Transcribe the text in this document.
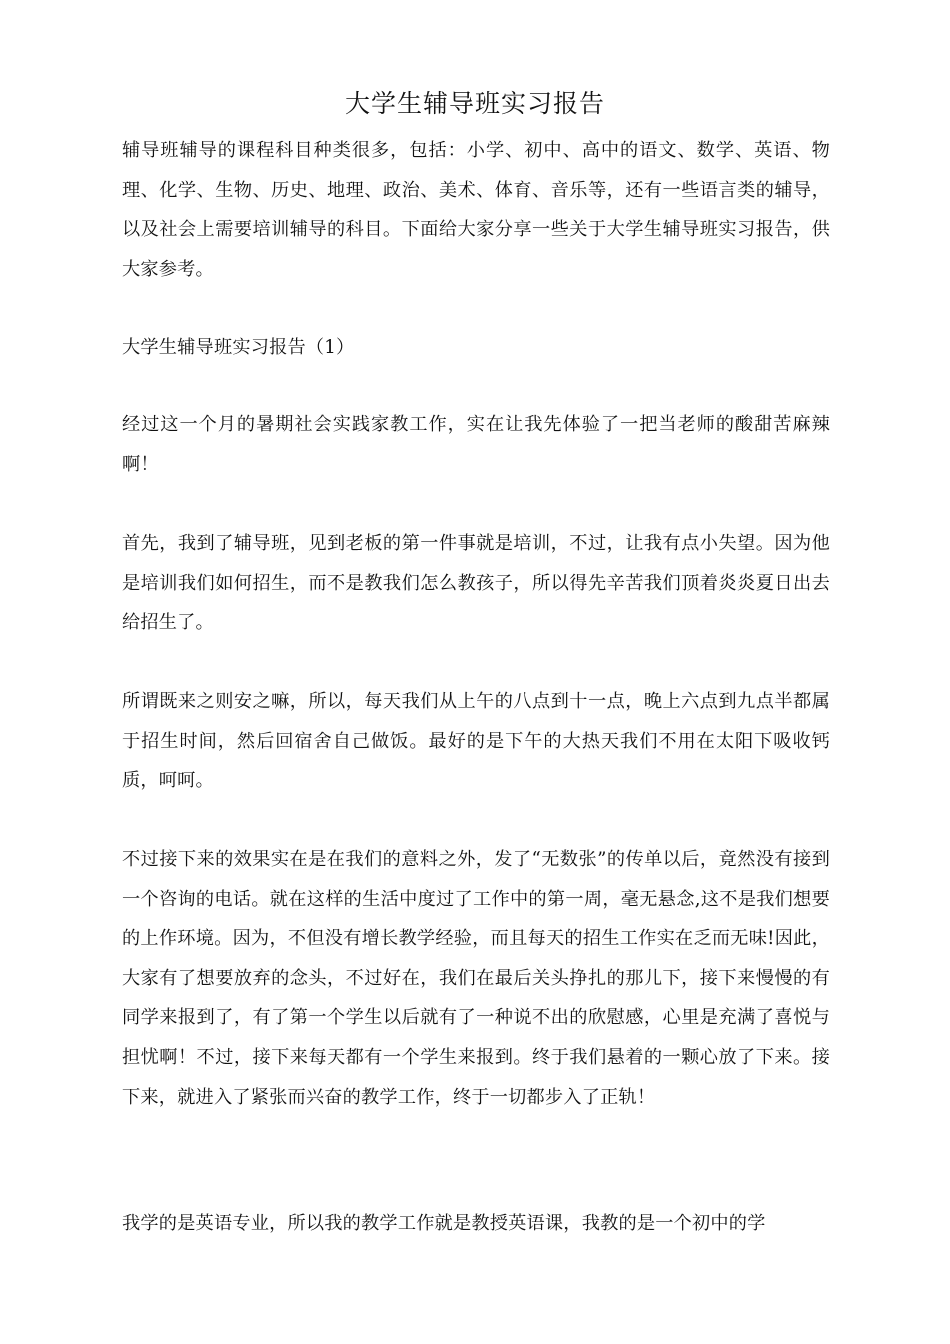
大学生辅导班实习报告

辅导班辅导的课程科目种类很多，包括：小学、初中、高中的语文、数学、英语、物理、化学、生物、历史、地理、政治、美术、体育、音乐等，还有一些语言类的辅导，以及社会上需要培训辅导的科目。下面给大家分享一些关于大学生辅导班实习报告，供大家参考。

大学生辅导班实习报告（1）

经过这一个月的暑期社会实践家教工作，实在让我先体验了一把当老师的酸甜苦麻辣啊！

首先，我到了辅导班，见到老板的第一件事就是培训，不过，让我有点小失望。因为他是培训我们如何招生，而不是教我们怎么教孩子，所以得先辛苦我们顶着炎炎夏日出去给招生了。

所谓既来之则安之嘛，所以，每天我们从上午的八点到十一点，晚上六点到九点半都属于招生时间，然后回宿舍自己做饭。最好的是下午的大热天我们不用在太阳下吸收钙质，呵呵。

不过接下来的效果实在是在我们的意料之外，发了“无数张”的传单以后，竟然没有接到一个咨询的电话。就在这样的生活中度过了工作中的第一周，毫无悬念,这不是我们想要的上作环境。因为，不但没有增长教学经验，而且每天的招生工作实在乏而无味!因此，大家有了想要放弃的念头，不过好在，我们在最后关头挣扎的那儿下，接下来慢慢的有同学来报到了，有了第一个学生以后就有了一种说不出的欣慰感，心里是充满了喜悦与担忧啊！不过，接下来每天都有一个学生来报到。终于我们悬着的一颗心放了下来。接下来，就进入了紧张而兴奋的教学工作，终于一切都步入了正轨！

我学的是英语专业，所以我的教学工作就是教授英语课，我教的是一个初中的学
